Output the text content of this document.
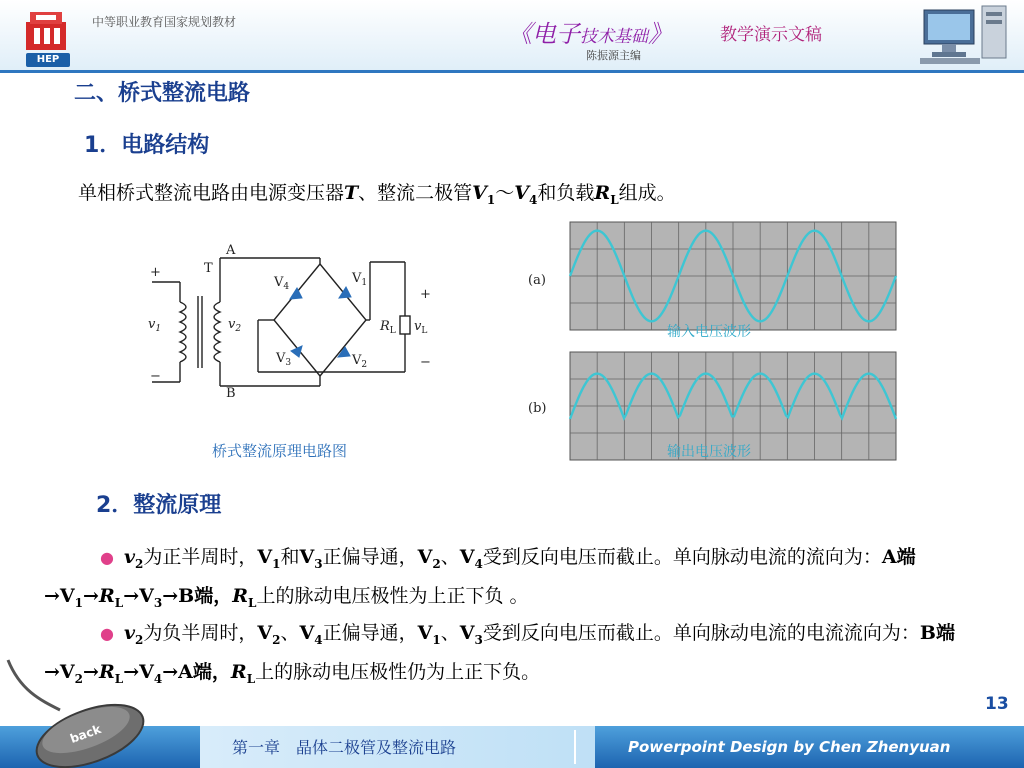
HEP
中等职业教育国家规划教材	《电子技术基础》	教学演示文稿
陈振源主编
二、桥式整流电路
1．电路结构
单相桥式整流电路由电源变压器T、整流二极管$V_1\sim V_4$和负载$R_L$组成。
+
−
T
A
B
$v_1$	$v_2$
$V_4$
$V_1$
$V_3$	$V_2$
$R_L$ $v_L$
+
−
桥式整流原理电路图
(a)
(b)
输入电压波形
输出电压波形
2．整流原理
● $v_2$为正半周时，$V_1$和$V_3$正偏导通，$V_2$、$V_4$受到反向电压而截止。单向脉动电流的流向为：A端$\to V_1\to R_L\to V_3\to B$端，$R_L$上的脉动电压极性为上正下负 。
● $v_2$为负半周时，$V_2$、$V_4$正偏导通，$V_1$、$V_3$受到反向电压而截止。单向脉动电流的电流流向为：B端$\to V_2\to R_L\to V_4\to A$端，$R_L$上的脉动电压极性仍为上正下负。
13
第一章　晶体二极管及整流电路	Powerpoint Design by Chen Zhenyuan
back
